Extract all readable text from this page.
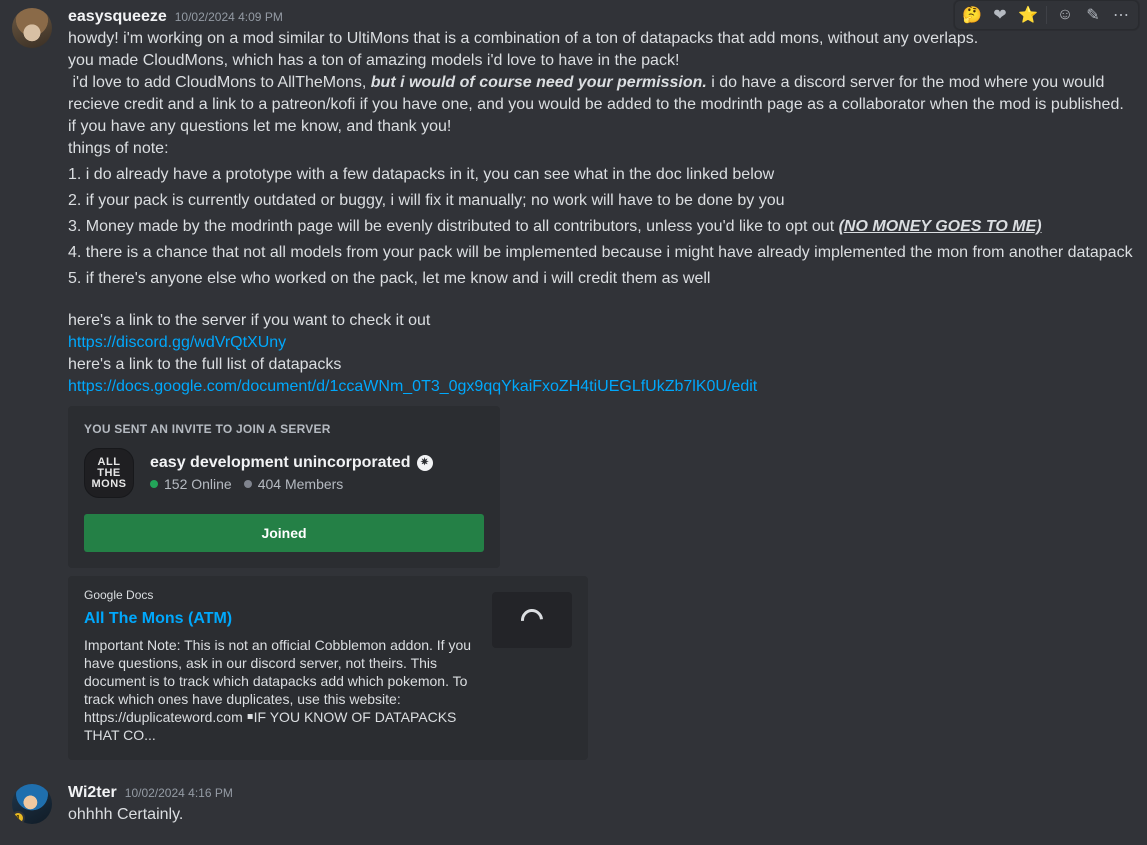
easysqueeze 10/02/2024 4:09 PM
howdy! i'm working on a mod similar to UltiMons that is a combination of a ton of datapacks that add mons, without any overlaps.
you made CloudMons, which has a ton of amazing models i'd love to have in the pack!
i'd love to add CloudMons to AllTheMons, but i would of course need your permission. i do have a discord server for the mod where you would recieve credit and a link to a patreon/kofi if you have one, and you would be added to the modrinth page as a collaborator when the mod is published.
if you have any questions let me know, and thank you!
things of note:
1. i do already have a prototype with a few datapacks in it, you can see what in the doc linked below
2. if your pack is currently outdated or buggy, i will fix it manually; no work will have to be done by you
3. Money made by the modrinth page will be evenly distributed to all contributors, unless you'd like to opt out (NO MONEY GOES TO ME)
4. there is a chance that not all models from your pack will be implemented because i might have already implemented the mon from another datapack
5. if there's anyone else who worked on the pack, let me know and i will credit them as well
here's a link to the server if you want to check it out
https://discord.gg/wdVrQtXUny
here's a link to the full list of datapacks
https://docs.google.com/document/d/1ccaWNm_0T3_0gx9qqYkaiFxoZH4tiUEGLfUkZb7lK0U/edit
YOU SENT AN INVITE TO JOIN A SERVER
ALL
THE
MONS
easy development unincorporated ✷
152 Online	404 Members
Joined
Google Docs
All The Mons (ATM)
Important Note: This is not an official Cobblemon addon. If you have questions, ask in our discord server, not theirs. This document is to track which datapacks add which pokemon. To track which ones have duplicates, use this website: https://duplicateword.com ￭IF YOU KNOW OF DATAPACKS THAT CO...
🤔 ❤ ⭐	☺ ✎ ⋯
1
Wi2ter 10/02/2024 4:16 PM
ohhhh Certainly.
